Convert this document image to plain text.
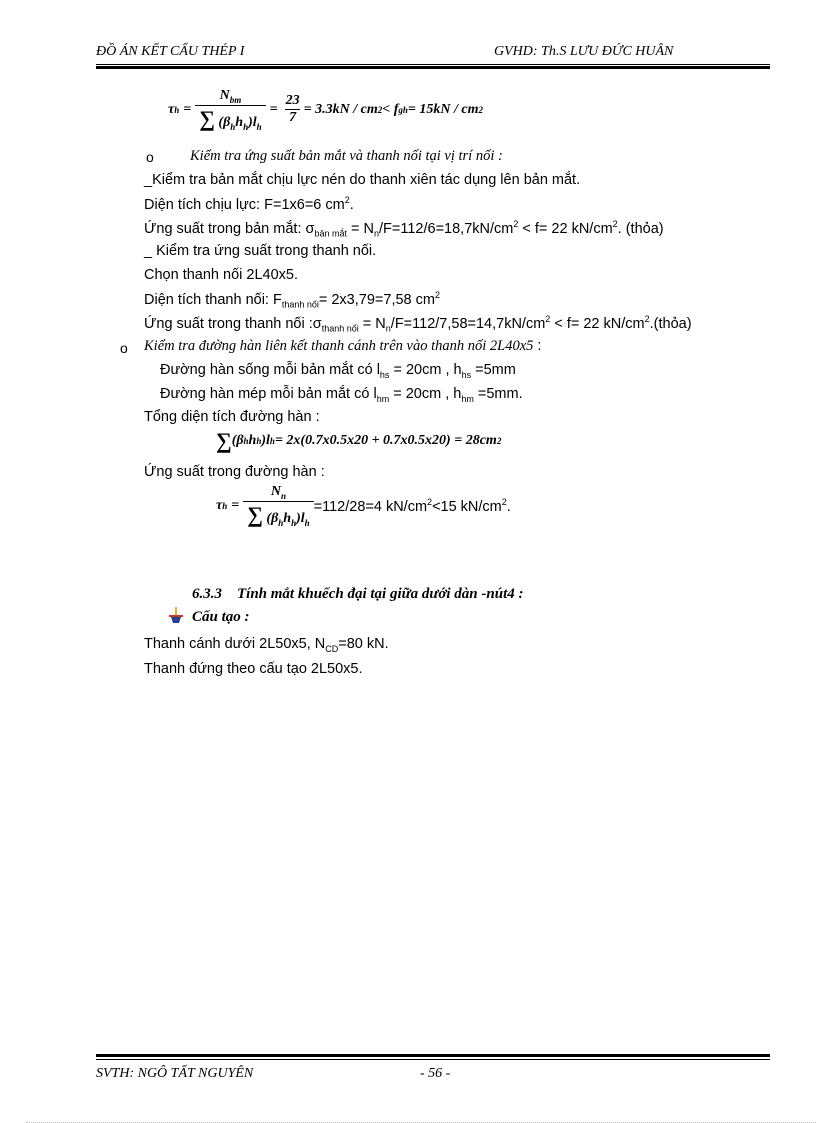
ĐỒ ÁN KẾT CẤU THÉP I	GVHD: Th.S LƯU ĐỨC HUÂN
τ $h = \frac{N_{bm}}{\sum (\beta_hh_h)l_h} = \frac{23}{7} = 3.3kN$ / cm 2 < f g h = 15kN / cm 2
o Kiểm tra ứng suất bản mắt và thanh nối tại vị trí nối :
_Kiểm tra bản mắt chịu lực nén do thanh xiên tác dụng lên bản mắt.
Diện tích chịu lực: F=1x6=6 $cm^2$.
Ứng suất trong bản mắt: $\sigma_{bản mắt} = N_n/F=112/6=18,7kN/cm^2 < f= 22$ $kN/cm^2$. (thỏa)
_ Kiểm tra ứng suất trong thanh nối.
Chọn thanh nối 2L40x5.
Diện tích thanh nối: $F_{thanh nối}= 2x3,79=7,58$ $cm^2$
Ứng suất trong thanh nối $:\sigma_{thanh nối} = N_n/F=112/7,58=14,7kN/cm^2 < f= 22$ $kN/cm^2.(thỏa)$
o Kiểm tra đường hàn liên kết thanh cánh trên vào thanh nối 2L40x5 :
Đường hàn sống mỗi bản mắt có $l_{hs} = 20cm$ , $h_{hs} =5mm$
Đường hàn mép mỗi bản mắt có $l_{hm} = 20cm$ , $h_{hm} =5mm$.
Tổng diện tích đường hàn :
∑ (β h h h )l h = 2x(0.7x0.5x20 + 0.7x0.5x20) = 28cm 2
Ứng suất trong đường hàn :
τ $h = \frac{N_n}{\sum (\beta_hh_h)l_h} =112/28=4$ $kN/cm^2<15$ $kN/cm^2$.
6.3.3    Tính mắt khuếch đại tại giữa dưới dàn -nút4 :
Cấu tạo :
Thanh cánh dưới 2L50x5, $N_{CD}=80$ kN.
Thanh đứng theo cấu tạo 2L50x5.
SVTH: NGÔ TẤT NGUYÊN	- 56 -
